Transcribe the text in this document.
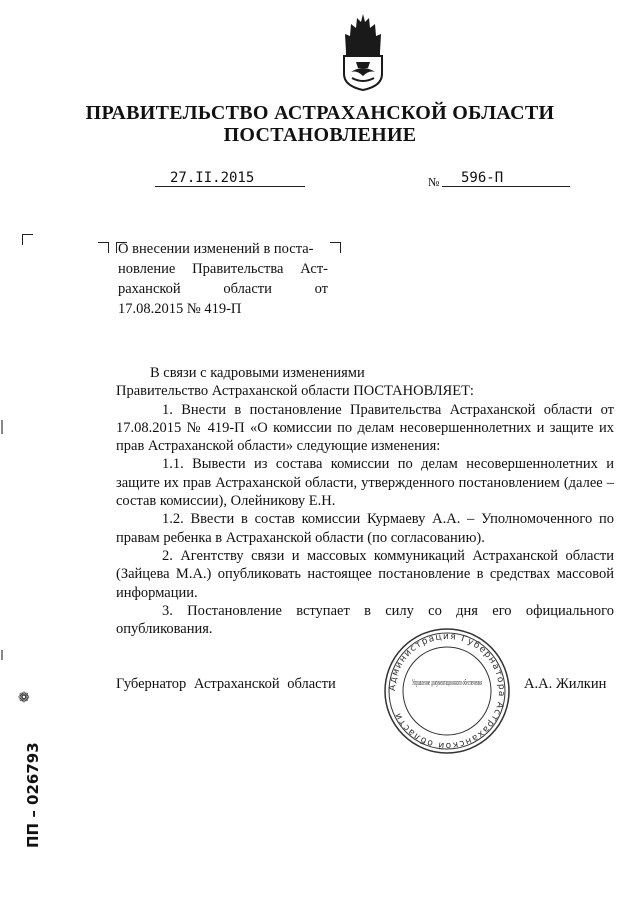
ПРАВИТЕЛЬСТВО АСТРАХАНСКОЙ ОБЛАСТИ
ПОСТАНОВЛЕНИЕ
27.II.2015	№ 596-П
О внесении изменений в поста-
новление Правительства Аст-
раханской области от
17.08.2015 № 419-П

В связи с кадровыми изменениями

Правительство Астраханской области ПОСТАНОВЛЯЕТ:

1. Внести в постановление Правительства Астраханской области от 17.08.2015 № 419-П «О комиссии по делам несовершеннолетних и защите их прав Астраханской области» следующие изменения:

1.1. Вывести из состава комиссии по делам несовершеннолетних и защите их прав Астраханской области, утвержденного постановлением (далее – состав комиссии), Олейникову Е.Н.

1.2. Ввести в состав комиссии Курмаеву А.А. – Уполномоченного по правам ребенка в Астраханской области (по согласованию).

2. Агентству связи и массовых коммуникаций Астраханской области (Зайцева М.А.) опубликовать настоящее постановление в средствах массовой информации.

3. Постановление вступает в силу со дня его официального опубликования.

Губернатор Астраханской области	А.А. Жилкин
Администрация Губернатора Астраханской области
Управление документационного обеспечения
ПП – 026793
❁
